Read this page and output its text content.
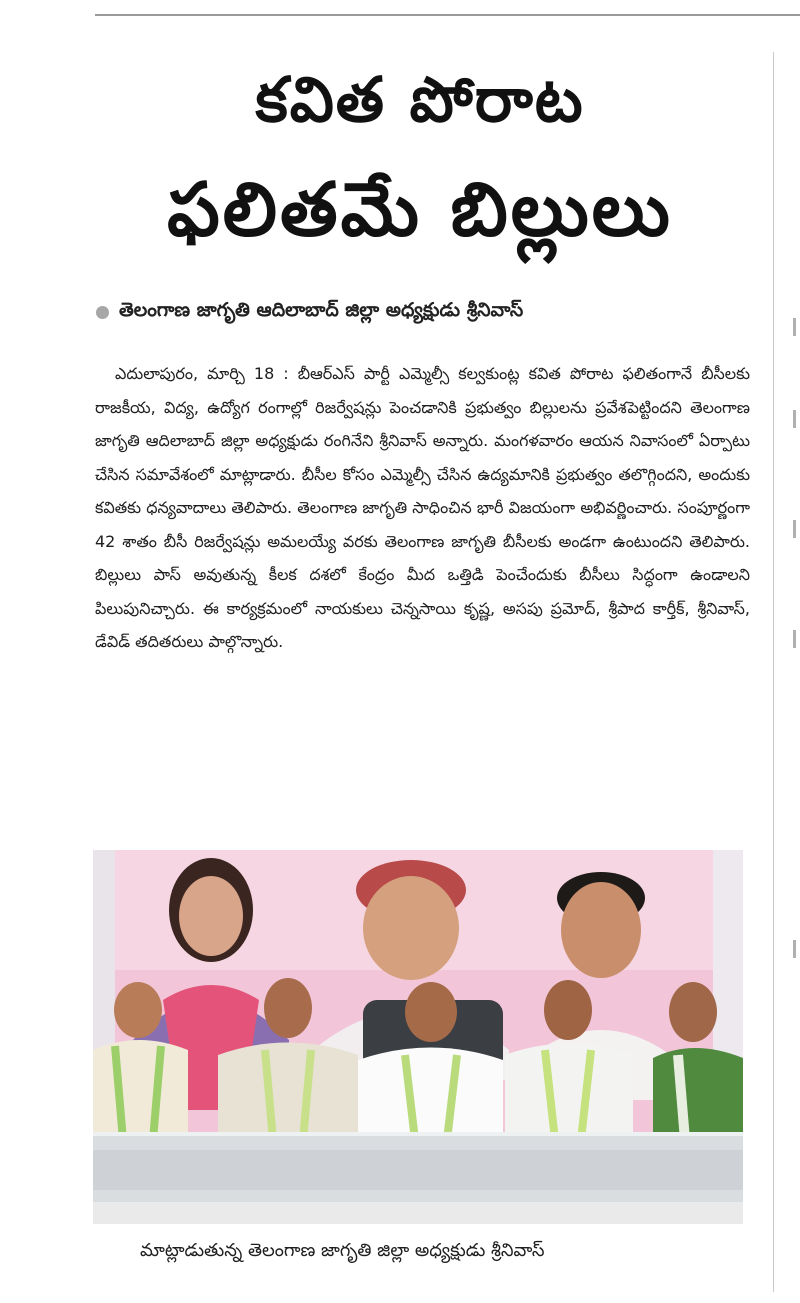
కవిత పోరాట
ఫలితమే బిల్లులు
తెలంగాణ జాగృతి ఆదిలాబాద్ జిల్లా అధ్యక్షుడు శ్రీనివాస్

ఎదులాపురం, మార్చి 18 : బీఆర్ఎస్ పార్టీ ఎమ్మెల్సీ కల్వకుంట్ల కవిత పోరాట ఫలితంగానే బీసీలకు రాజకీయ, విద్య, ఉద్యోగ రంగాల్లో రిజర్వేషన్లు పెంచడానికి ప్రభుత్వం బిల్లులను ప్రవేశపెట్టిందని తెలంగాణ జాగృతి ఆదిలాబాద్ జిల్లా అధ్యక్షుడు రంగినేని శ్రీనివాస్ అన్నారు. మంగళవారం ఆయన నివాసంలో ఏర్పాటు చేసిన సమావేశంలో మాట్లాడారు. బీసీల కోసం ఎమ్మెల్సీ చేసిన ఉద్యమానికి ప్రభుత్వం తలొగ్గిందని, అందుకు కవితకు ధన్యవాదాలు తెలిపారు. తెలంగాణ జాగృతి సాధించిన భారీ విజయంగా అభివర్ణించారు. సంపూర్ణంగా 42 శాతం బీసీ రిజర్వేషన్లు అమలయ్యే వరకు తెలంగాణ జాగృతి బీసీలకు అండగా ఉంటుందని తెలిపారు. బిల్లులు పాస్ అవుతున్న కీలక దశలో కేంద్రం మీద ఒత్తిడి పెంచేందుకు బీసీలు సిద్ధంగా ఉండాలని పిలుపునిచ్చారు. ఈ కార్యక్రమంలో నాయకులు చెన్నసాయి కృష్ణ, అసపు ప్రమోద్, శ్రీపాద కార్తీక్, శ్రీనివాస్, డేవిడ్ తదితరులు పాల్గొన్నారు.

మాట్లాడుతున్న తెలంగాణ జాగృతి జిల్లా అధ్యక్షుడు శ్రీనివాస్
